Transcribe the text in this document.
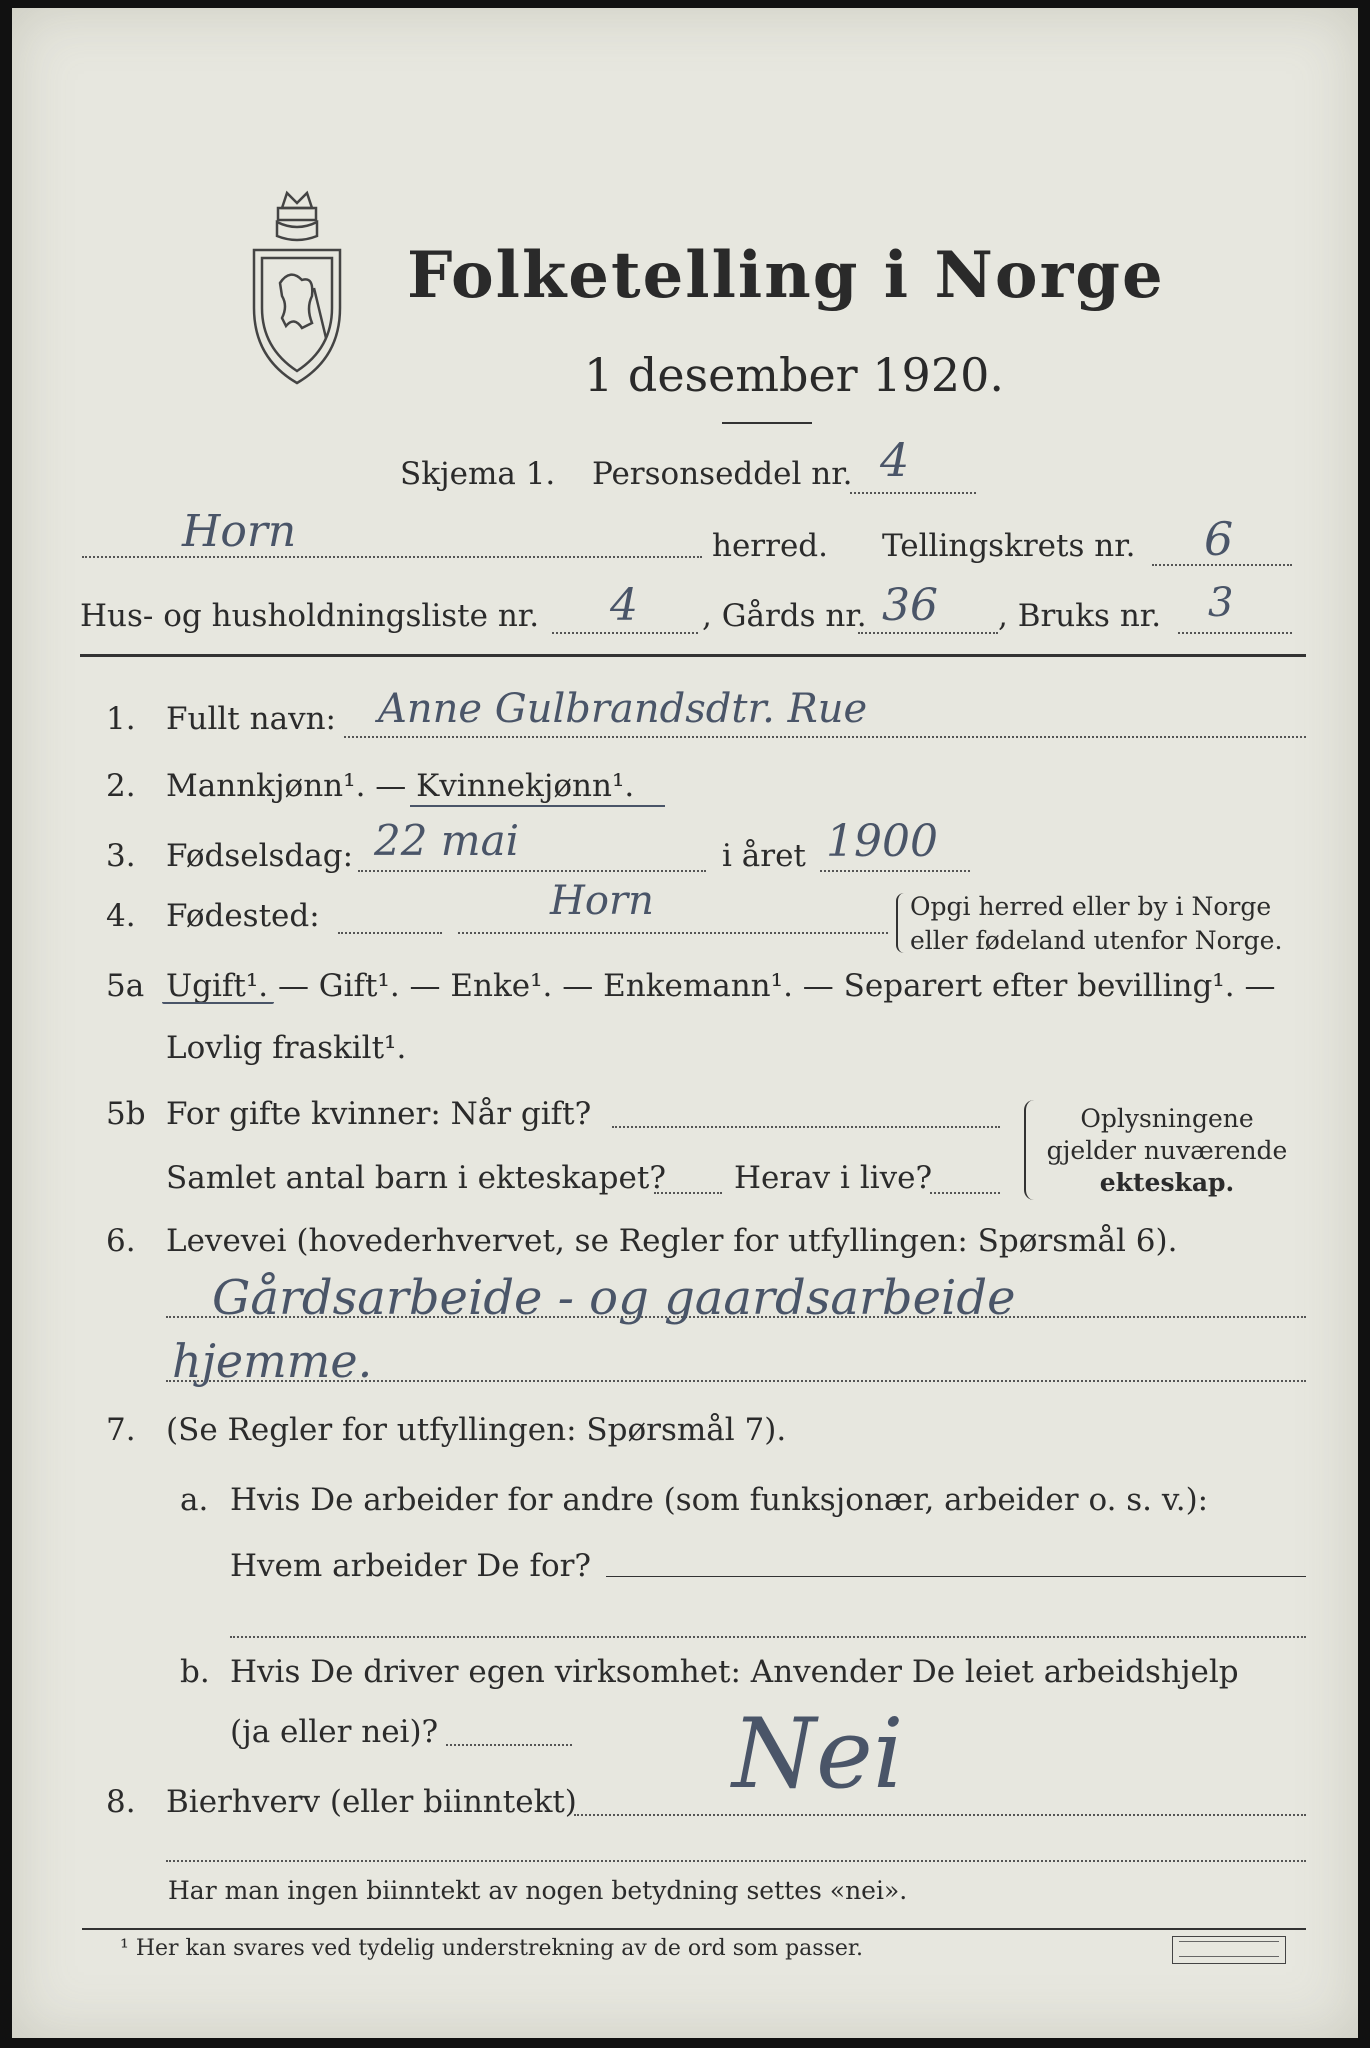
Folketelling i Norge
1 desember 1920.
Skjema 1. Personseddel nr. 4
Horn	herred. Tellingskrets nr. 6
Hus- og husholdningsliste nr. 4 , Gårds nr. 36 , Bruks nr. 3
1. Fullt navn: Anne Gulbrandsdtr. Rue
2. Mannkjønn¹. — Kvinnekjønn¹.
3. Fødselsdag: 22 mai	i året 1900
4. Fødested:	Horn	Opgi herred eller by i Norge
eller fødeland utenfor Norge.
5a Ugift¹. — Gift¹. — Enke¹. — Enkemann¹. — Separert efter bevilling¹. —
Lovlig fraskilt¹.
5b For gifte kvinner: Når gift?
Samlet antal barn i ekteskapet? Herav i live?
Oplysningene
gjelder nuværende
ekteskap.
6. Levevei (hovederhvervet, se Regler for utfyllingen: Spørsmål 6).
Gårdsarbeide - og gaardsarbeide
hjemme.
7. (Se Regler for utfyllingen: Spørsmål 7).
a. Hvis De arbeider for andre (som funksjonær, arbeider o. s. v.):
Hvem arbeider De for?
b. Hvis De driver egen virksomhet: Anvender De leiet arbeidshjelp
(ja eller nei)?
8. Bierhverv (eller biinntekt) Nei
Har man ingen biinntekt av nogen betydning settes «nei».
¹ Her kan svares ved tydelig understrekning av de ord som passer.
